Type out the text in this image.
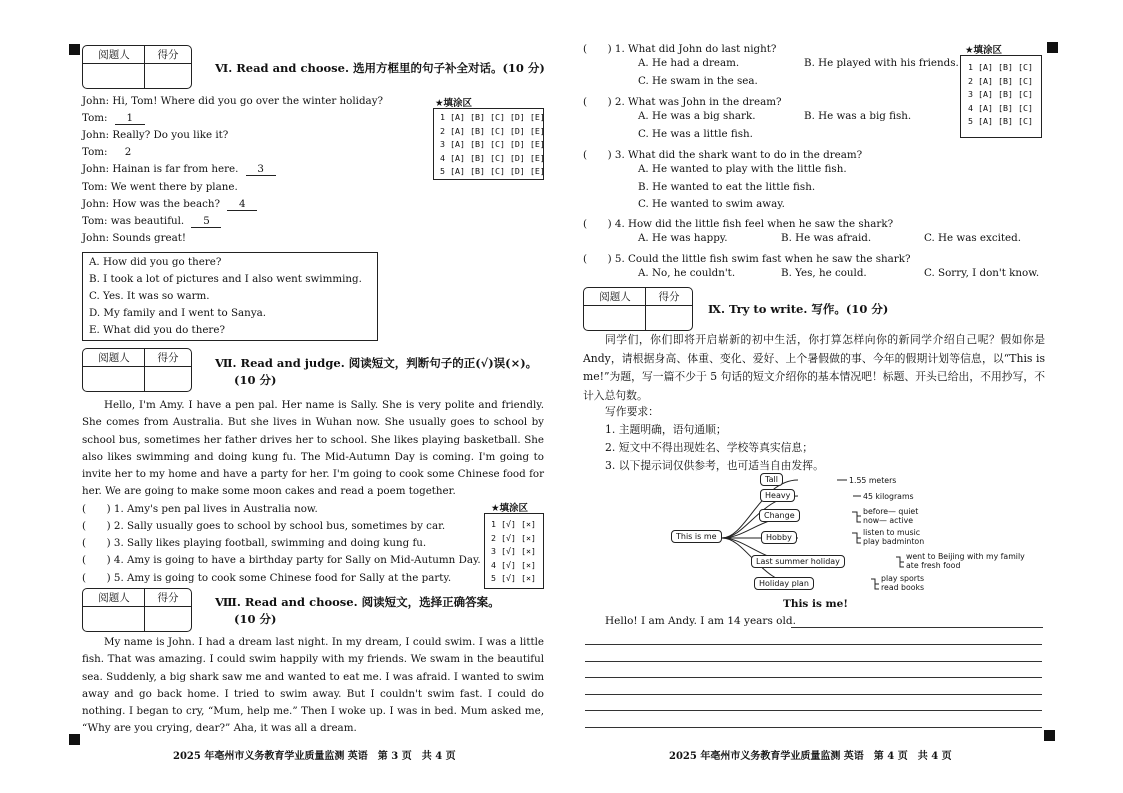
阅题人	得分
Ⅵ. Read and choose. 选用方框里的句子补全对话。(10 分)
John: Hi, Tom! Where did you go over the winter holiday?
Tom: 1
John: Really? Do you like it?
Tom: 2
John: Hainan is far from here. 3
Tom: We went there by plane.
John: How was the beach? 4
Tom: was beautiful. 5
John: Sounds great!
★填涂区
1 [A] [B] [C] [D] [E]
2 [A] [B] [C] [D] [E]
3 [A] [B] [C] [D] [E]
4 [A] [B] [C] [D] [E]
5 [A] [B] [C] [D] [E]
A. How did you go there?
B. I took a lot of pictures and I also went swimming.
C. Yes. It was so warm.
D. My family and I went to Sanya.
E. What did you do there?
阅题人	得分	Ⅶ. Read and judge. 阅读短文，判断句子的正(√)误(×)。
(10 分)
Hello, I'm Amy. I have a pen pal. Her name is Sally. She is very polite and friendly. She comes from Australia. But she lives in Wuhan now. She usually goes to school by school bus, sometimes her father drives her to school. She likes playing basketball. She also likes swimming and doing kung fu. The Mid-Autumn Day is coming. I'm going to invite her to my home and have a party for her. I'm going to cook some Chinese food for her. We are going to make some moon cakes and read a poem together.
(　　) 1. Amy's pen pal lives in Australia now.
(　　) 2. Sally usually goes to school by school bus, sometimes by car.
(　　) 3. Sally likes playing football, swimming and doing kung fu.
(　　) 4. Amy is going to have a birthday party for Sally on Mid-Autumn Day.
(　　) 5. Amy is going to cook some Chinese food for Sally at the party.
★填涂区
1 [√] [×]
2 [√] [×]
3 [√] [×]
4 [√] [×]
5 [√] [×]
阅题人	得分	Ⅷ. Read and choose. 阅读短文，选择正确答案。
(10 分)
My name is John. I had a dream last night. In my dream, I could swim. I was a little fish. That was amazing. I could swim happily with my friends. We swam in the beautiful sea. Suddenly, a big shark saw me and wanted to eat me. I was afraid. I wanted to swim away and go back home. I tried to swim away. But I couldn't swim fast. I could do nothing. I began to cry, “Mum, help me.” Then I woke up. I was in bed. Mum asked me, “Why are you crying, dear?” Aha, it was all a dream.
2025 年亳州市义务教育学业质量监测 英语　第 3 页　共 4 页
(　　) 1. What did John do last night?
A. He had a dream.	B. He played with his friends.
C. He swam in the sea.
(　　) 2. What was John in the dream?
A. He was a big shark.	B. He was a big fish.
C. He was a little fish.
(　　) 3. What did the shark want to do in the dream?
A. He wanted to play with the little fish.
B. He wanted to eat the little fish.
C. He wanted to swim away.
(　　) 4. How did the little fish feel when he saw the shark?
A. He was happy.	B. He was afraid.	C. He was excited.
(　　) 5. Could the little fish swim fast when he saw the shark?
A. No, he couldn't.	B. Yes, he could.	C. Sorry, I don't know.
★填涂区
1 [A] [B] [C]
2 [A] [B] [C]
3 [A] [B] [C]
4 [A] [B] [C]
5 [A] [B] [C]
阅题人	得分
Ⅸ. Try to write. 写作。(10 分)
同学们，你们即将开启崭新的初中生活，你打算怎样向你的新同学介绍自己呢？假如你是Andy，请根据身高、体重、变化、爱好、上个暑假做的事、今年的假期计划等信息，以“This is me!”为题，写一篇不少于 5 句话的短文介绍你的基本情况吧！标题、开头已给出，不用抄写，不计入总句数。
写作要求：
1. 主题明确，语句通顺；
2. 短文中不得出现姓名、学校等真实信息；
3. 以下提示词仅供参考，也可适当自由发挥。
This is me
Tall	1.55 meters
Heavy	45 kilograms
Change	before— quiet
now— active
Hobby
listen to music
play badminton
Last summer holiday
went to Beijing with my family
ate fresh food
Holiday plan
play sports
read books
This is me!
Hello! I am Andy. I am 14 years old.
2025 年亳州市义务教育学业质量监测 英语　第 4 页　共 4 页
